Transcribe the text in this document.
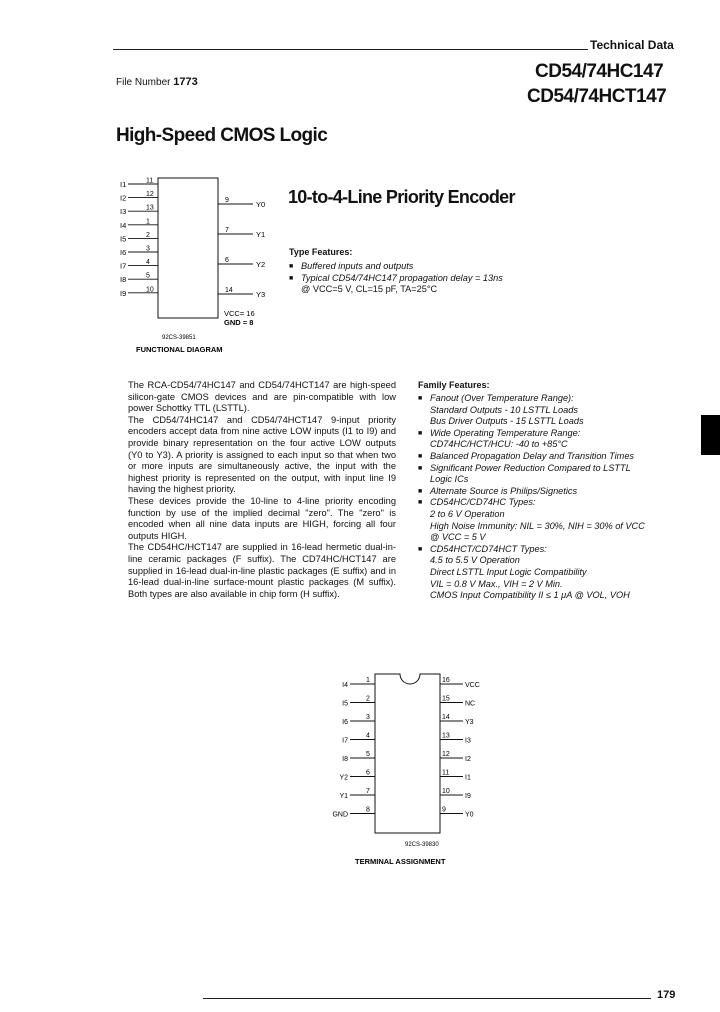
Technical Data
File Number 1773	CD54/74HC147
CD54/74HCT147
High-Speed CMOS Logic
10-to-4-Line Priority Encoder
I1	11
I2	12
I3	13
I4	1
I5	2
I6	3
I7	4
I8	5
I9	10
9	Y0
7	Y1
6	Y2
14	Y3
VCC= 16
GND = 8
92CS-39851
FUNCTIONAL DIAGRAM
Type Features:
■ Buffered inputs and outputs
■ Typical CD54/74HC147 propagation delay = 13ns
@ VCC=5 V, CL=15 pF, TA=25°C

The RCA-CD54/74HC147 and CD54/74HCT147 are high-speed silicon-gate CMOS devices and are pin-compatible with low power Schottky TTL (LSTTL).

The CD54/74HC147 and CD54/74HCT147 9-input priority encoders accept data from nine active LOW inputs (I1 to I9) and provide binary representation on the four active LOW outputs (Y0 to Y3). A priority is assigned to each input so that when two or more inputs are simultaneously active, the input with the highest priority is represented on the output, with input line I9 having the highest priority.

These devices provide the 10-line to 4-line priority encoding function by use of the implied decimal "zero". The "zero" is encoded when all nine data inputs are HIGH, forcing all four outputs HIGH.

The CD54HC/HCT147 are supplied in 16-lead hermetic dual-in-line ceramic packages (F suffix). The CD74HC/HCT147 are supplied in 16-lead dual-in-line plastic packages (E suffix) and in 16-lead dual-in-line surface-mount plastic packages (M suffix). Both types are also available in chip form (H suffix).

Family Features:
■ Fanout (Over Temperature Range):
Standard Outputs - 10 LSTTL Loads
Bus Driver Outputs - 15 LSTTL Loads
■ Wide Operating Temperature Range:
CD74HC/HCT/HCU: -40 to +85°C
■ Balanced Propagation Delay and Transition Times
■ Significant Power Reduction Compared to LSTTL
Logic ICs
■ Alternate Source is Philips/Signetics
■ CD54HC/CD74HC Types:
2 to 6 V Operation
High Noise Immunity: NIL = 30%, NIH = 30% of VCC
@ VCC = 5 V
■ CD54HCT/CD74HCT Types:
4.5 to 5.5 V Operation
Direct LSTTL Input Logic Compatibility
VIL = 0.8 V Max., VIH = 2 V Min.
CMOS Input Compatibility II ≤ 1 μA @ VOL, VOH
1
I4
2
I5
3
I6
4
I7
5
I8
6
Y2
7
Y1
8
GND
16
VCC
15
NC
14
Y3
13
I3
12
I2
11
I1
10
I9
9
Y0
92CS-39830
TERMINAL ASSIGNMENT
179
